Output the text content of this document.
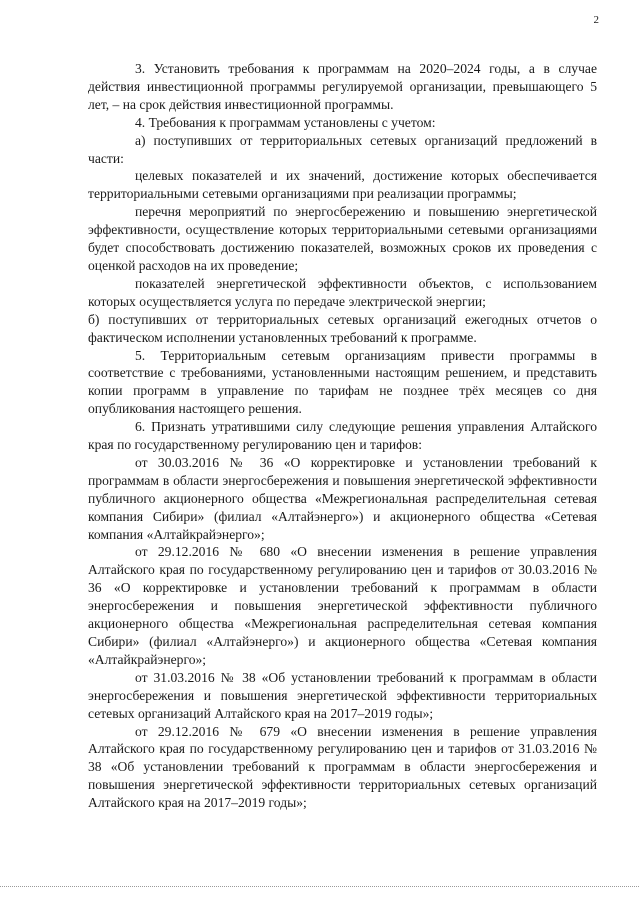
2

3. Установить требования к программам на 2020–2024 годы, а в случае действия инвестиционной программы регулируемой организации, превышающего 5 лет, – на срок действия инвестиционной программы.

4. Требования к программам установлены с учетом:

а) поступивших от территориальных сетевых организаций предложений в части:

целевых показателей и их значений, достижение которых обеспечивается территориальными сетевыми организациями при реализации программы;

перечня мероприятий по энергосбережению и повышению энергетической эффективности, осуществление которых территориальными сетевыми организациями будет способствовать достижению показателей, возможных сроков их проведения с оценкой расходов на их проведение;

показателей энергетической эффективности объектов, с использованием которых осуществляется услуга по передаче электрической энергии;

б) поступивших от территориальных сетевых организаций ежегодных отчетов о фактическом исполнении установленных требований к программе.

5. Территориальным сетевым организациям привести программы в соответствие с требованиями, установленными настоящим решением, и представить копии программ в управление по тарифам не позднее трёх месяцев со дня опубликования настоящего решения.

6. Признать утратившими силу следующие решения управления Алтайского края по государственному регулированию цен и тарифов:

от 30.03.2016 № 36 «О корректировке и установлении требований к программам в области энергосбережения и повышения энергетической эффективности публичного акционерного общества «Межрегиональная распределительная сетевая компания Сибири» (филиал «Алтайэнерго») и акционерного общества «Сетевая компания «Алтайкрайэнерго»;

от 29.12.2016 № 680 «О внесении изменения в решение управления Алтайского края по государственному регулированию цен и тарифов от 30.03.2016 № 36 «О корректировке и установлении требований к программам в области энергосбережения и повышения энергетической эффективности публичного акционерного общества «Межрегиональная распределительная сетевая компания Сибири» (филиал «Алтайэнерго») и акционерного общества «Сетевая компания «Алтайкрайэнерго»;

от 31.03.2016 № 38 «Об установлении требований к программам в области энергосбережения и повышения энергетической эффективности территориальных сетевых организаций Алтайского края на 2017–2019 годы»;

от 29.12.2016 № 679 «О внесении изменения в решение управления Алтайского края по государственному регулированию цен и тарифов от 31.03.2016 № 38 «Об установлении требований к программам в области энергосбережения и повышения энергетической эффективности территориальных сетевых организаций Алтайского края на 2017–2019 годы»;
